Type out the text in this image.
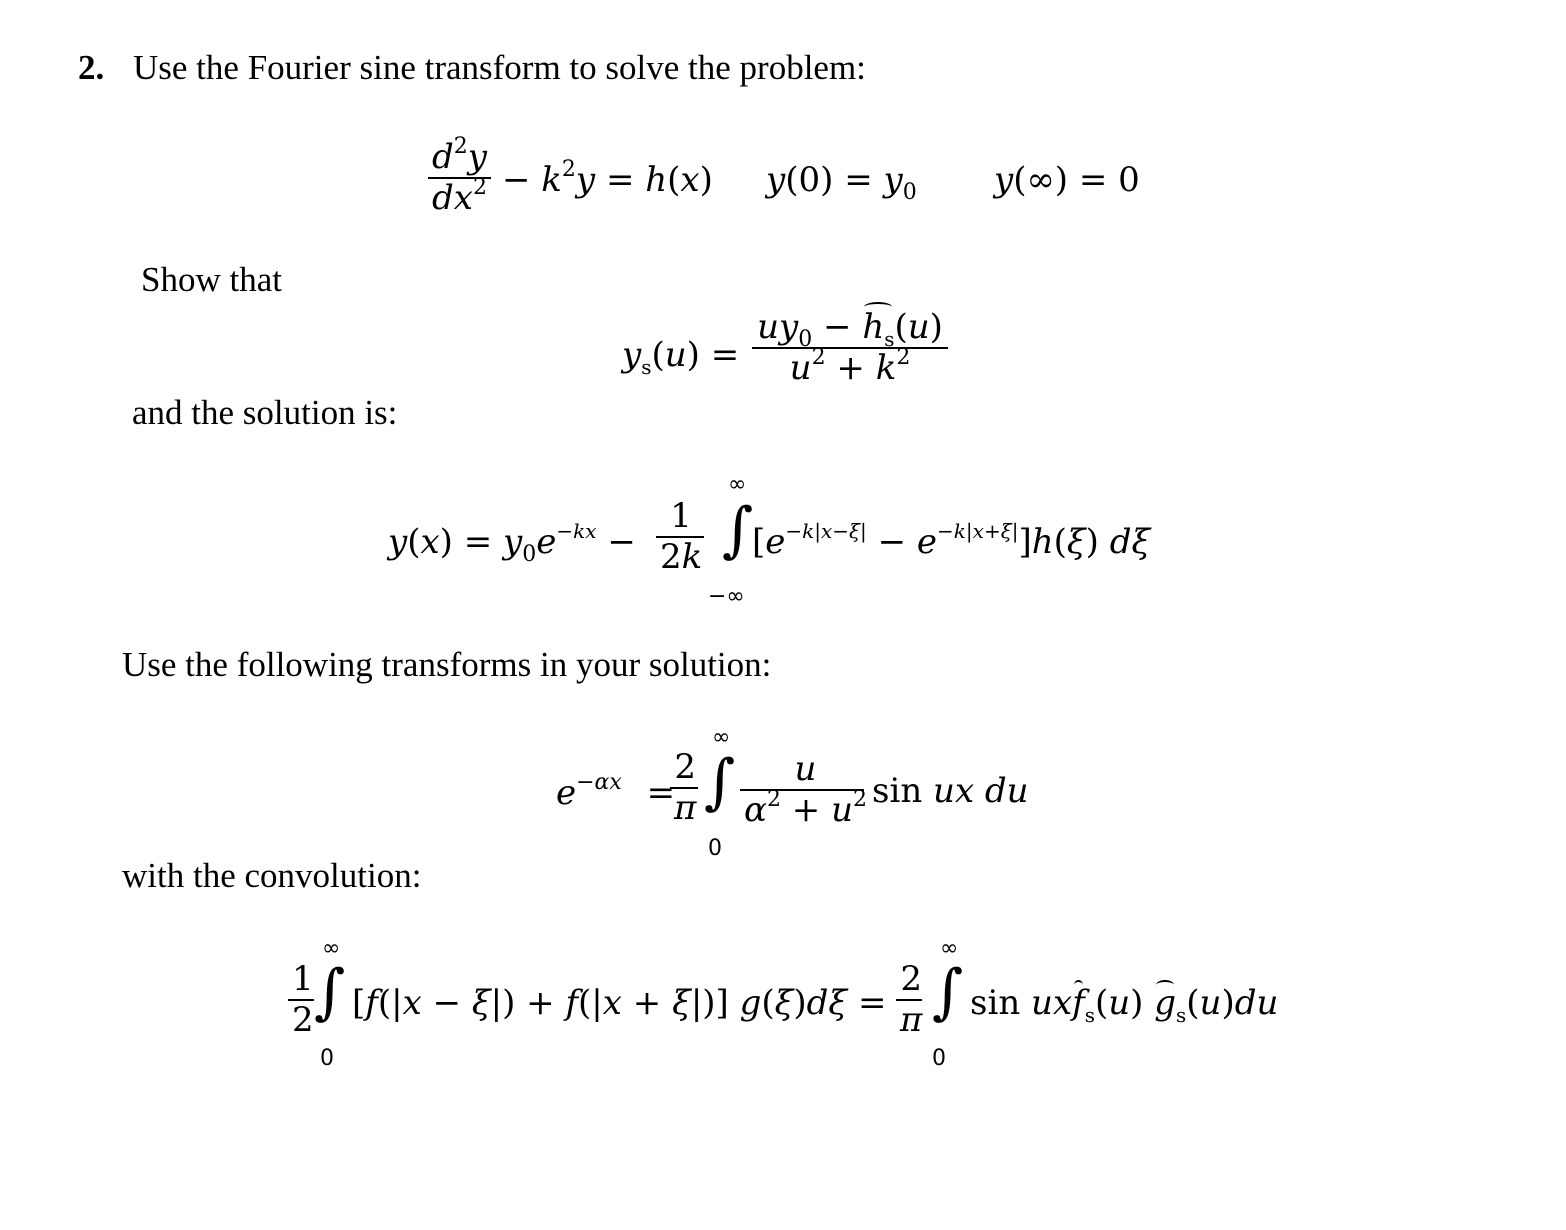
2. Use the Fourier sine transform to solve the problem:
$\frac{d^2y}{dx^2} - k^2y = h(x) y(0) = y_0$ y(∞) = 0
Show that
$y_s(u) = \frac{uy_0 - h_s(u)}{u^2 + k^2}$
and the solution is:
$y(x) = y_0e^{-kx} - \frac{1}{2k}$
∞
∫
−∞
$[e^{-k|x-\xi|} - e^{-k|x+\xi|}]h(\xi)$ dξ
Use the following transforms in your solution:
$e^{-\alpha x}$ =
$\frac{2}{\pi}$
∞
∫
0
$\frac{u}{\alpha^2 + u^2}$ sin ux du
with the convolution:
$\frac{1}{2}$
∞
∫
0
[f(|x − ξ|) + f(|x + ξ|)] $g(\xi)d\xi = \frac{2}{\pi}$
∞
∫
0
sin uxf$_s$(u) $g_s(u)du$
